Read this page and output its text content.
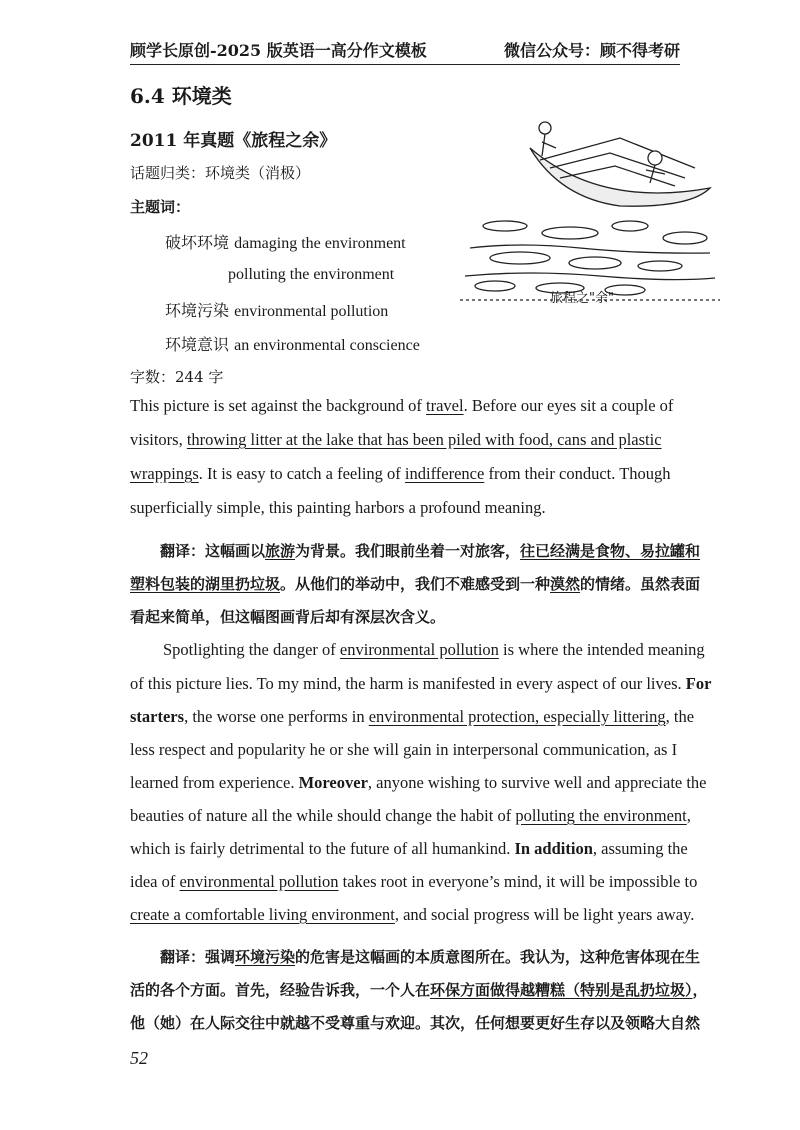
顾学长原创-2025 版英语一高分作文模板	微信公众号：顾不得考研
6.4 环境类
2011 年真题《旅程之余》
话题归类：环境类（消极）
主题词：
破坏环境 damaging the environment
polluting the environment
环境污染 environmental pollution
环境意识 an environmental conscience
字数：244 字
旅程之"余"
This picture is set against the background of travel. Before our eyes sit a couple of
visitors, throwing litter at the lake that has been piled with food, cans and plastic
wrappings. It is easy to catch a feeling of indifference from their conduct. Though
superficially simple, this painting harbors a profound meaning.
翻译：这幅画以旅游为背景。我们眼前坐着一对旅客，往已经满是食物、易拉罐和
塑料包装的湖里扔垃圾。从他们的举动中，我们不难感受到一种漠然的情绪。虽然表面
看起来简单，但这幅图画背后却有深层次含义。
Spotlighting the danger of environmental pollution is where the intended meaning
of this picture lies. To my mind, the harm is manifested in every aspect of our lives. For
starters, the worse one performs in environmental protection, especially littering, the
less respect and popularity he or she will gain in interpersonal communication, as I
learned from experience. Moreover, anyone wishing to survive well and appreciate the
beauties of nature all the while should change the habit of polluting the environment,
which is fairly detrimental to the future of all humankind. In addition, assuming the
idea of environmental pollution takes root in everyone’s mind, it will be impossible to
create a comfortable living environment, and social progress will be light years away.
翻译：强调环境污染的危害是这幅画的本质意图所在。我认为，这种危害体现在生
活的各个方面。首先，经验告诉我，一个人在环保方面做得越糟糕（特别是乱扔垃圾），
他（她）在人际交往中就越不受尊重与欢迎。其次，任何想要更好生存以及领略大自然
52
